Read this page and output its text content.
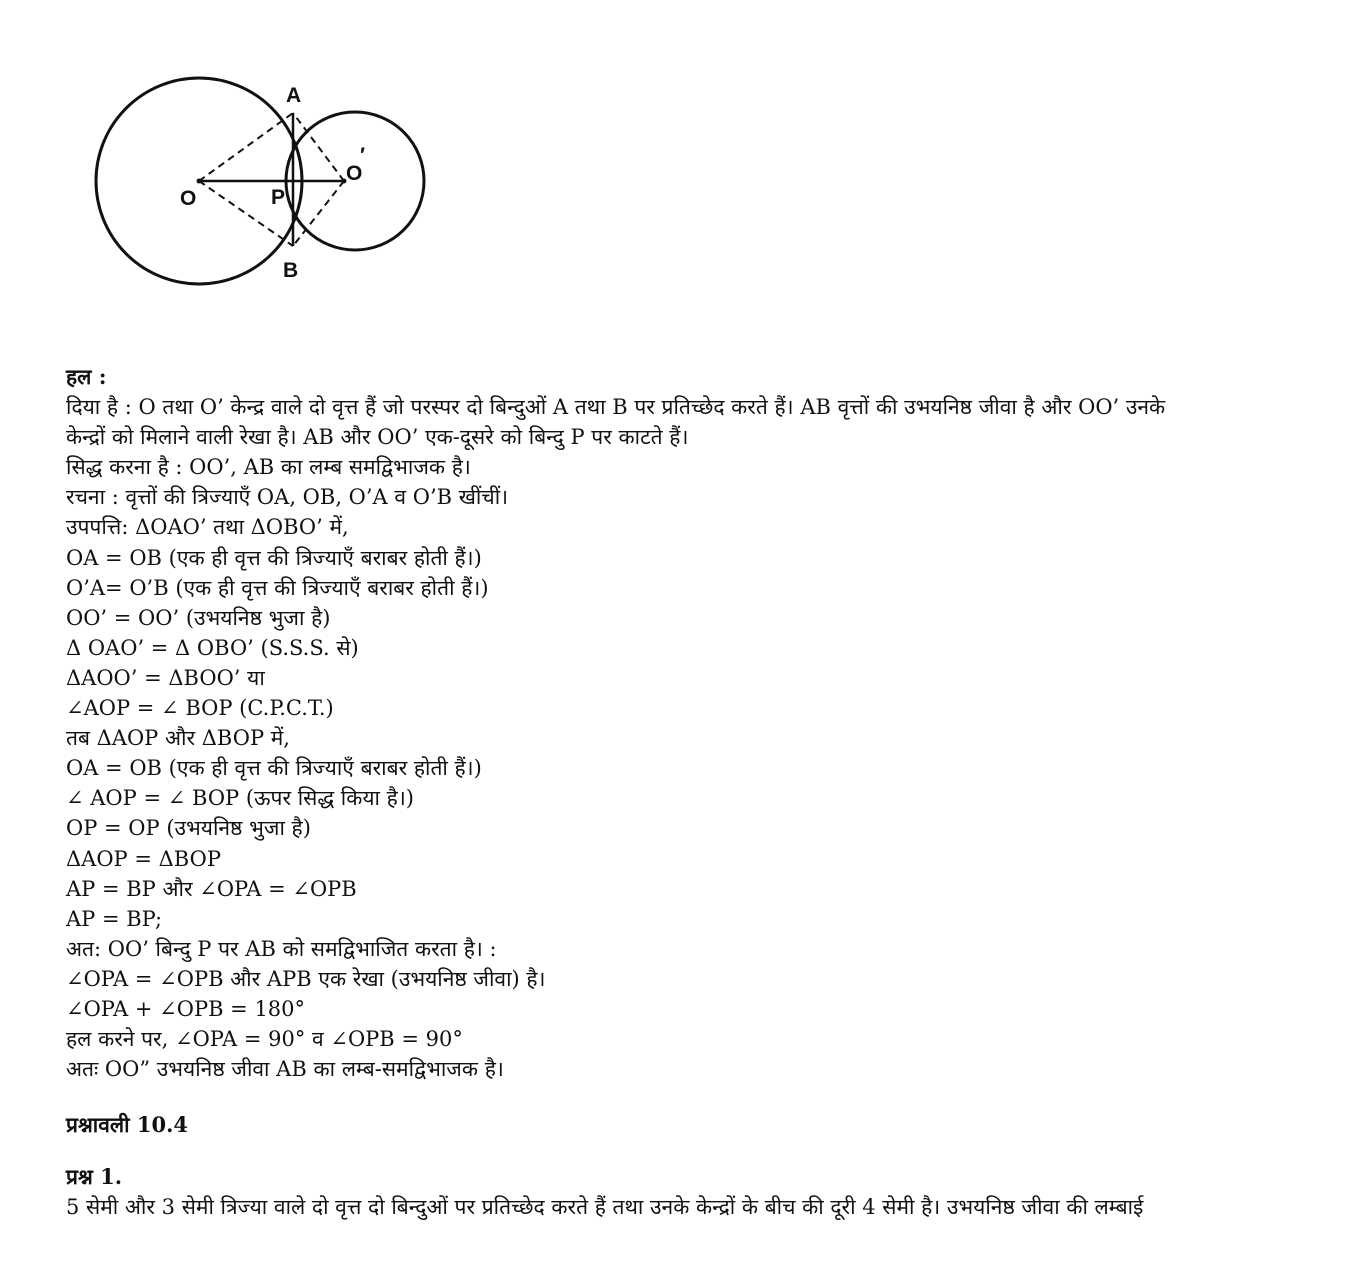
A
B
O
O
′
P
हल :
दिया है : O तथा O’ केन्द्र वाले दो वृत्त हैं जो परस्पर दो बिन्दुओं A तथा B पर प्रतिच्छेद करते हैं। AB वृत्तों की उभयनिष्ठ जीवा है और OO’ उनके
केन्द्रों को मिलाने वाली रेखा है। AB और OO’ एक-दूसरे को बिन्दु P पर काटते हैं।
सिद्ध करना है : OO’, AB का लम्ब समद्विभाजक है।
रचना : वृत्तों की त्रिज्याएँ OA, OB, O’A व O’B खींचीं।
उपपत्ति: ΔOAO’ तथा ΔOBO’ में,
OA = OB (एक ही वृत्त की त्रिज्याएँ बराबर होती हैं।)
O’A= O’B (एक ही वृत्त की त्रिज्याएँ बराबर होती हैं।)
OO’ = OO’ (उभयनिष्ठ भुजा है)
Δ OAO’ = Δ OBO’ (S.S.S. से)
ΔAOO’ = ΔBOO’ या
∠AOP = ∠ BOP (C.P.C.T.)
तब ΔAOP और ΔBOP में,
OA = OB (एक ही वृत्त की त्रिज्याएँ बराबर होती हैं।)
∠ AOP = ∠ BOP (ऊपर सिद्ध किया है।)
OP = OP (उभयनिष्ठ भुजा है)
ΔAOP = ΔBOP
AP = BP और ∠OPA = ∠OPB
AP = BP;
अत: OO’ बिन्दु P पर AB को समद्विभाजित करता है। :
∠OPA = ∠OPB और APB एक रेखा (उभयनिष्ठ जीवा) है।
∠OPA + ∠OPB = 180°
हल करने पर, ∠OPA = 90° व ∠OPB = 90°
अतः OO” उभयनिष्ठ जीवा AB का लम्ब-समद्विभाजक है।
प्रश्नावली 10.4
प्रश्न 1.
5 सेमी और 3 सेमी त्रिज्या वाले दो वृत्त दो बिन्दुओं पर प्रतिच्छेद करते हैं तथा उनके केन्द्रों के बीच की दूरी 4 सेमी है। उभयनिष्ठ जीवा की लम्बाई
